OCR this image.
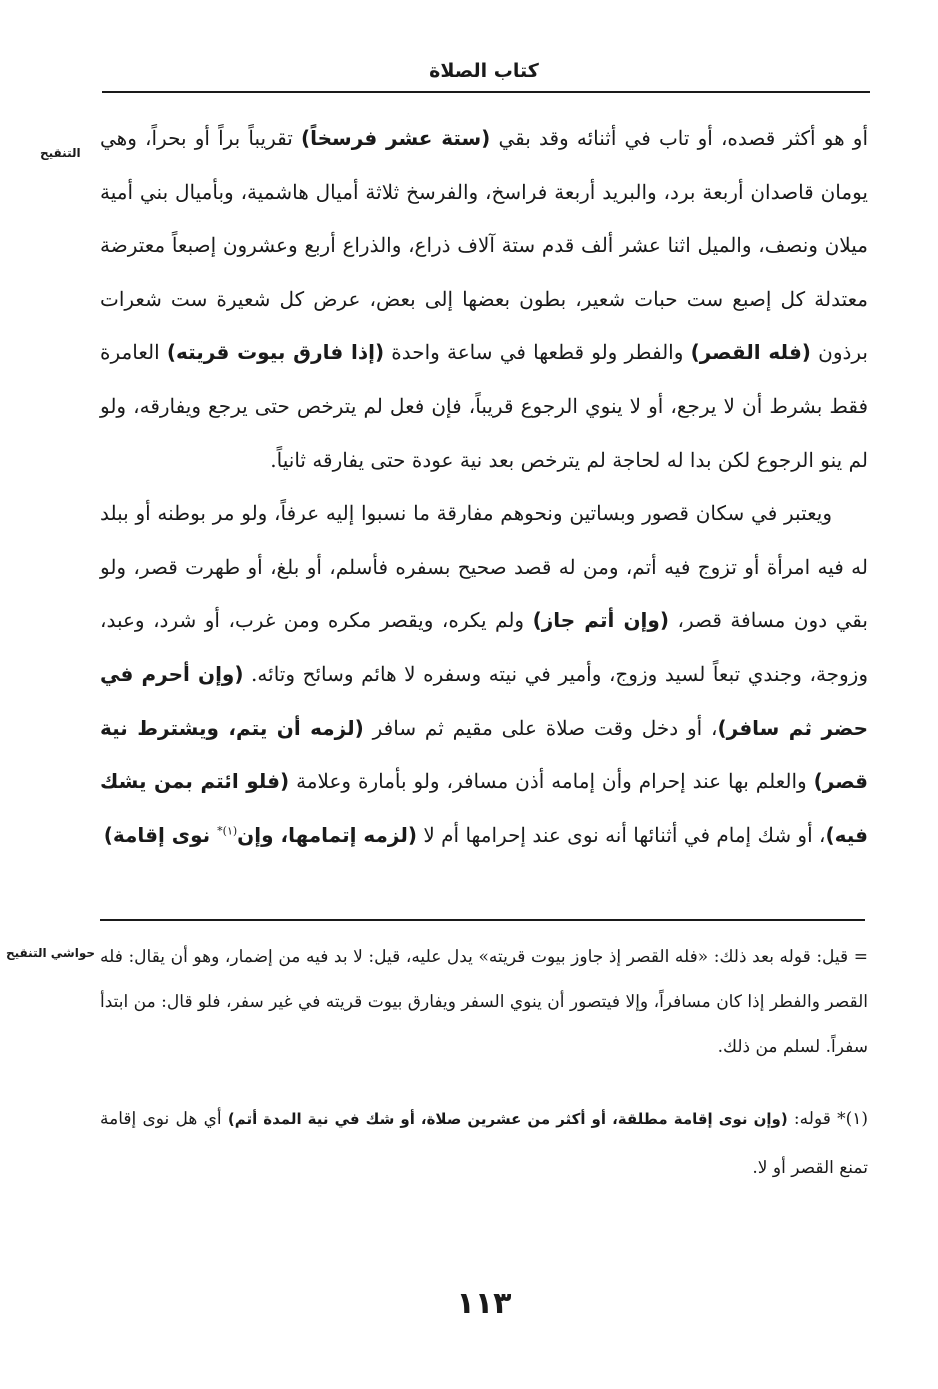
كتاب الصلاة
التنقيح

أو هو أكثر قصده، أو تاب في أثنائه وقد بقي (ستة عشر فرسخاً) تقريباً براً أو بحراً، وهي يومان قاصدان أربعة برد، والبريد أربعة فراسخ، والفرسخ ثلاثة أميال هاشمية، وبأميال بني أمية ميلان ونصف، والميل اثنا عشر ألف قدم ستة آلاف ذراع، والذراع أربع وعشرون إصبعاً معترضة معتدلة كل إصبع ست حبات شعير، بطون بعضها إلى بعض، عرض كل شعيرة ست شعرات برذون (فله القصر) والفطر ولو قطعها في ساعة واحدة (إذا فارق بيوت قريته) العامرة فقط بشرط أن لا يرجع، أو لا ينوي الرجوع قريباً، فإن فعل لم يترخص حتى يرجع ويفارقه، ولو لم ينو الرجوع لكن بدا له لحاجة لم يترخص بعد نية عودة حتى يفارقه ثانياً.

ويعتبر في سكان قصور وبساتين ونحوهم مفارقة ما نسبوا إليه عرفاً، ولو مر بوطنه أو ببلد له فيه امرأة أو تزوج فيه أتم، ومن له قصد صحيح بسفره فأسلم، أو بلغ، أو طهرت قصر، ولو بقي دون مسافة قصر، (وإن أتم جاز) ولم يكره، ويقصر مكره ومن غرب، أو شرد، وعبد، وزوجة، وجندي تبعاً لسيد وزوج، وأمير في نيته وسفره لا هائم وسائح وتائه. (وإن أحرم في حضر ثم سافر)، أو دخل وقت صلاة على مقيم ثم سافر (لزمه أن يتم، ويشترط نية قصر) والعلم بها عند إحرام وأن إمامه أذن مسافر، ولو بأمارة وعلامة (فلو ائتم بمن يشك فيه)، أو شك إمام في أثنائها أنه نوى عند إحرامها أم لا (لزمه إتمامها، وإن$^{(١)*}$ نوى إقامة)

حواشي التنقيح = قيل: قوله بعد ذلك: «فله القصر إذ جاوز بيوت قريته» يدل عليه، قيل: لا بد فيه من إضمار، وهو أن يقال: فله القصر والفطر إذا كان مسافراً، وإلا فيتصور أن ينوي السفر ويفارق بيوت قريته في غير سفر، فلو قال: من ابتدأ سفراً. لسلم من ذلك.

(١)* قوله: (وإن نوى إقامة مطلقة، أو أكثر من عشرين صلاة، أو شك في نية المدة أتم) أي هل نوى إقامة تمنع القصر أو لا.

١١٣
